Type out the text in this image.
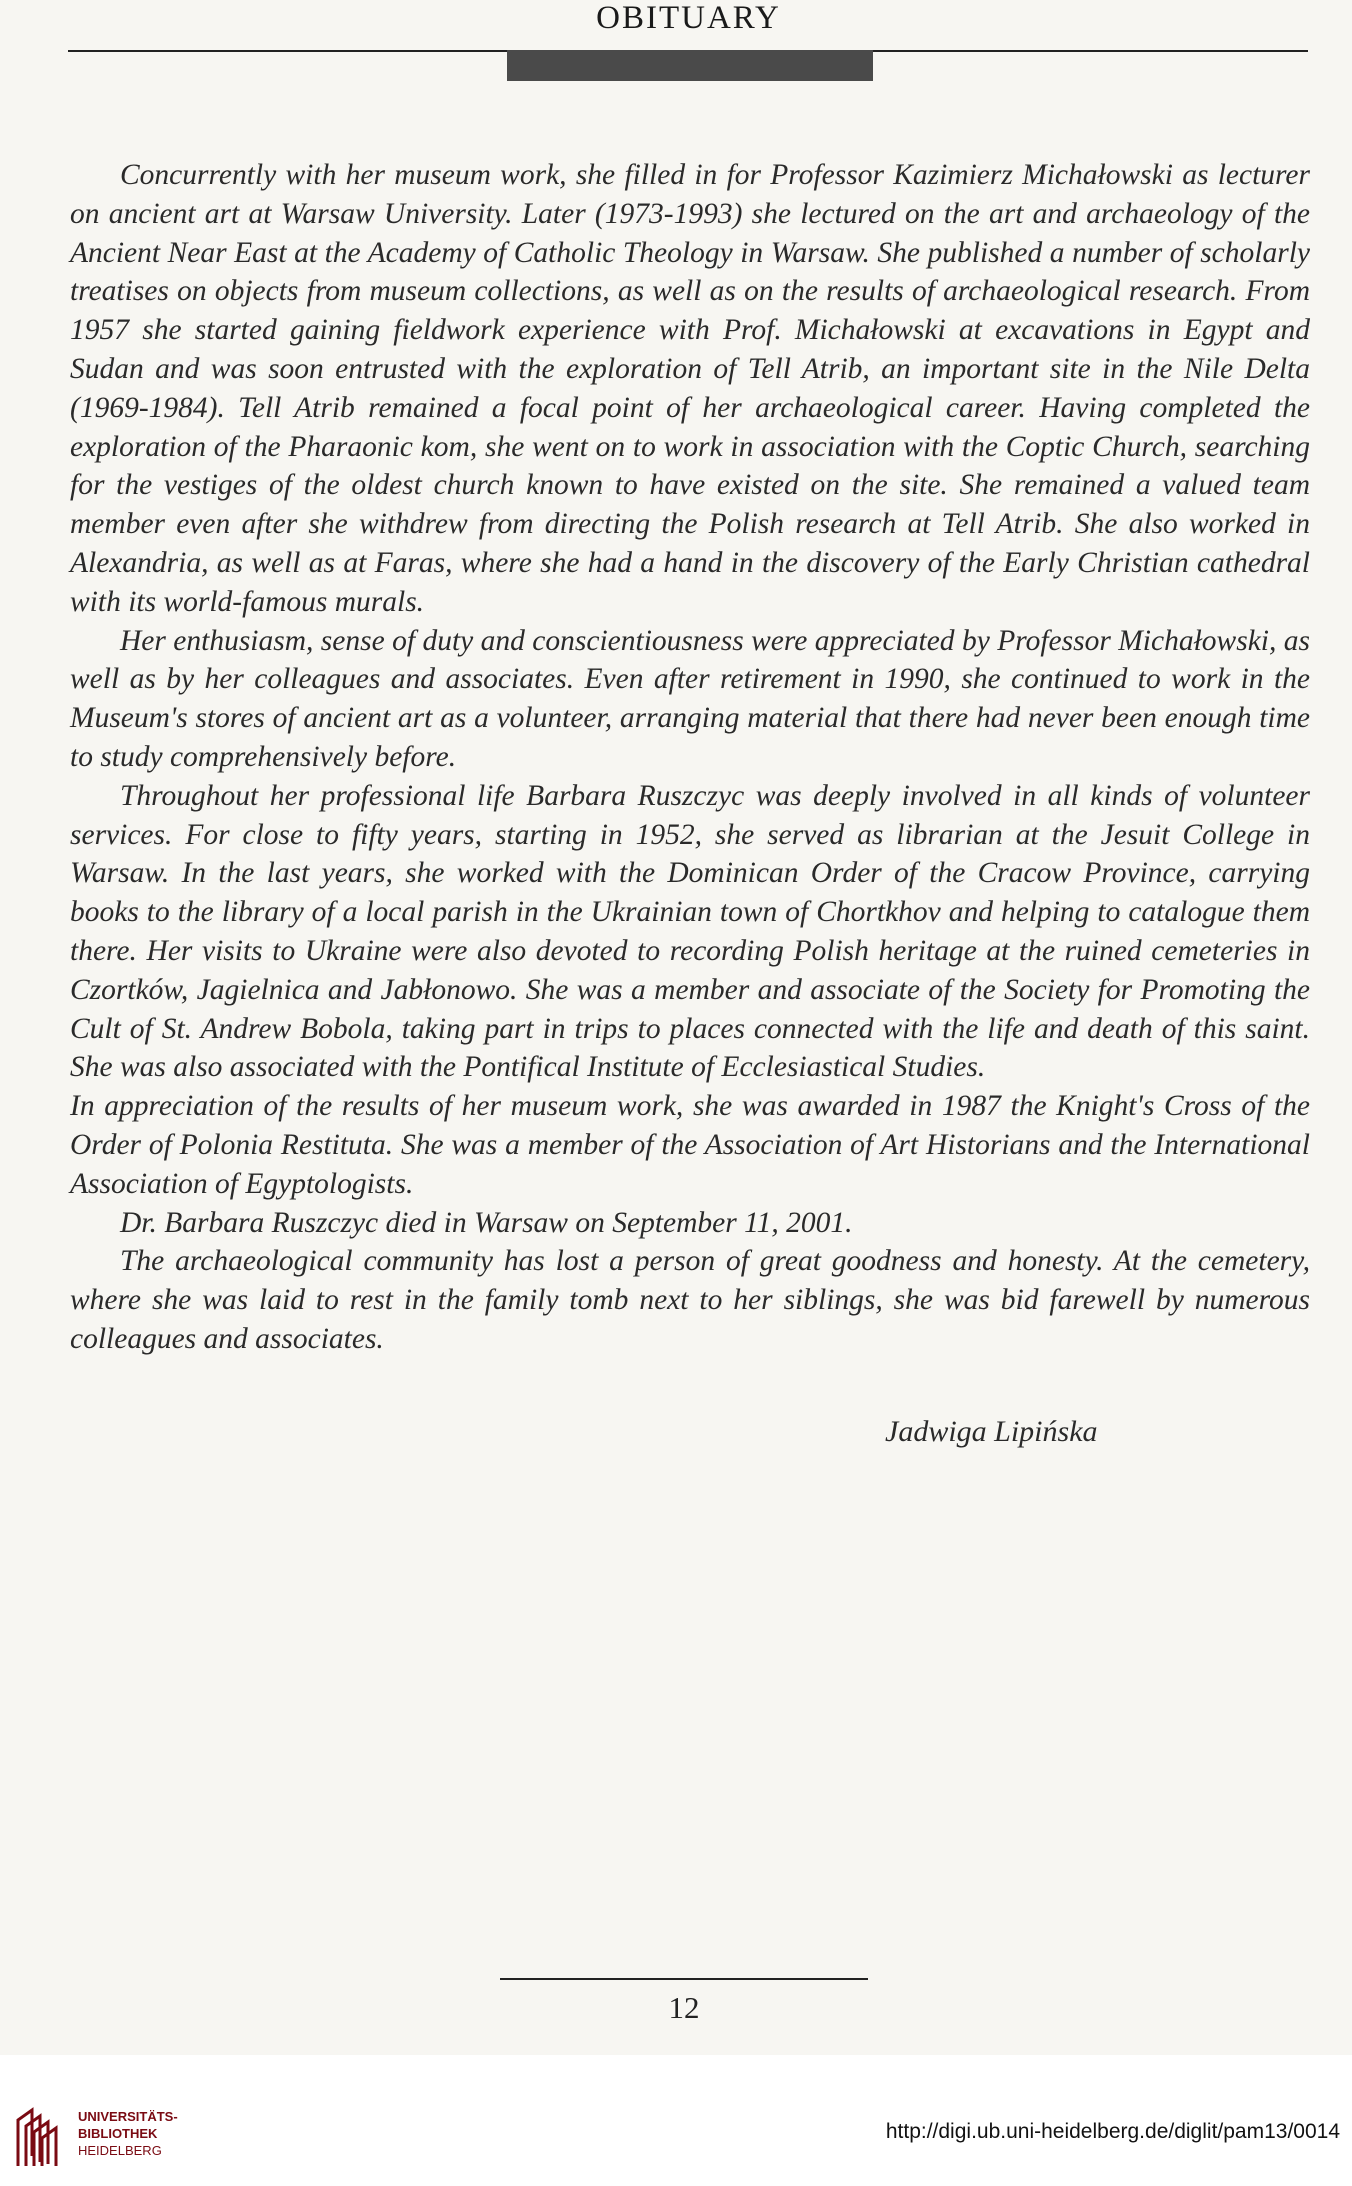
OBITUARY

Concurrently with her museum work, she filled in for Professor Kazimierz Michałowski as lecturer on ancient art at Warsaw University. Later (1973-1993) she lectured on the art and archaeology of the Ancient Near East at the Academy of Catholic Theology in Warsaw. She published a number of scholarly treatises on objects from museum collections, as well as on the results of archaeological research. From 1957 she started gaining fieldwork experience with Prof. Michałowski at excavations in Egypt and Sudan and was soon entrusted with the exploration of Tell Atrib, an important site in the Nile Delta (1969-1984). Tell Atrib remained a focal point of her archaeological career. Having completed the exploration of the Pharaonic kom, she went on to work in association with the Coptic Church, searching for the vestiges of the oldest church known to have existed on the site. She remained a valued team member even after she withdrew from directing the Polish research at Tell Atrib. She also worked in Alexandria, as well as at Faras, where she had a hand in the discovery of the Early Christian cathedral with its world-famous murals.

Her enthusiasm, sense of duty and conscientiousness were appreciated by Professor Michałowski, as well as by her colleagues and associates. Even after retirement in 1990, she continued to work in the Museum's stores of ancient art as a volunteer, arranging material that there had never been enough time to study comprehensively before.

Throughout her professional life Barbara Ruszczyc was deeply involved in all kinds of volunteer services. For close to fifty years, starting in 1952, she served as librarian at the Jesuit College in Warsaw. In the last years, she worked with the Dominican Order of the Cracow Province, carrying books to the library of a local parish in the Ukrainian town of Chortkhov and helping to catalogue them there. Her visits to Ukraine were also devoted to recording Polish heritage at the ruined cemeteries in Czortków, Jagielnica and Jabłonowo. She was a member and associate of the Society for Promoting the Cult of St. Andrew Bobola, taking part in trips to places connected with the life and death of this saint. She was also associated with the Pontifical Institute of Ecclesiastical Studies.

In appreciation of the results of her museum work, she was awarded in 1987 the Knight's Cross of the Order of Polonia Restituta. She was a member of the Association of Art Historians and the International Association of Egyptologists.

Dr. Barbara Ruszczyc died in Warsaw on September 11, 2001.

The archaeological community has lost a person of great goodness and honesty. At the cemetery, where she was laid to rest in the family tomb next to her siblings, she was bid farewell by numerous colleagues and associates.

Jadwiga Lipińska
12
UNIVERSITÄTS-
BIBLIOTHEK
HEIDELBERG
http://digi.ub.uni-heidelberg.de/diglit/pam13/0014
